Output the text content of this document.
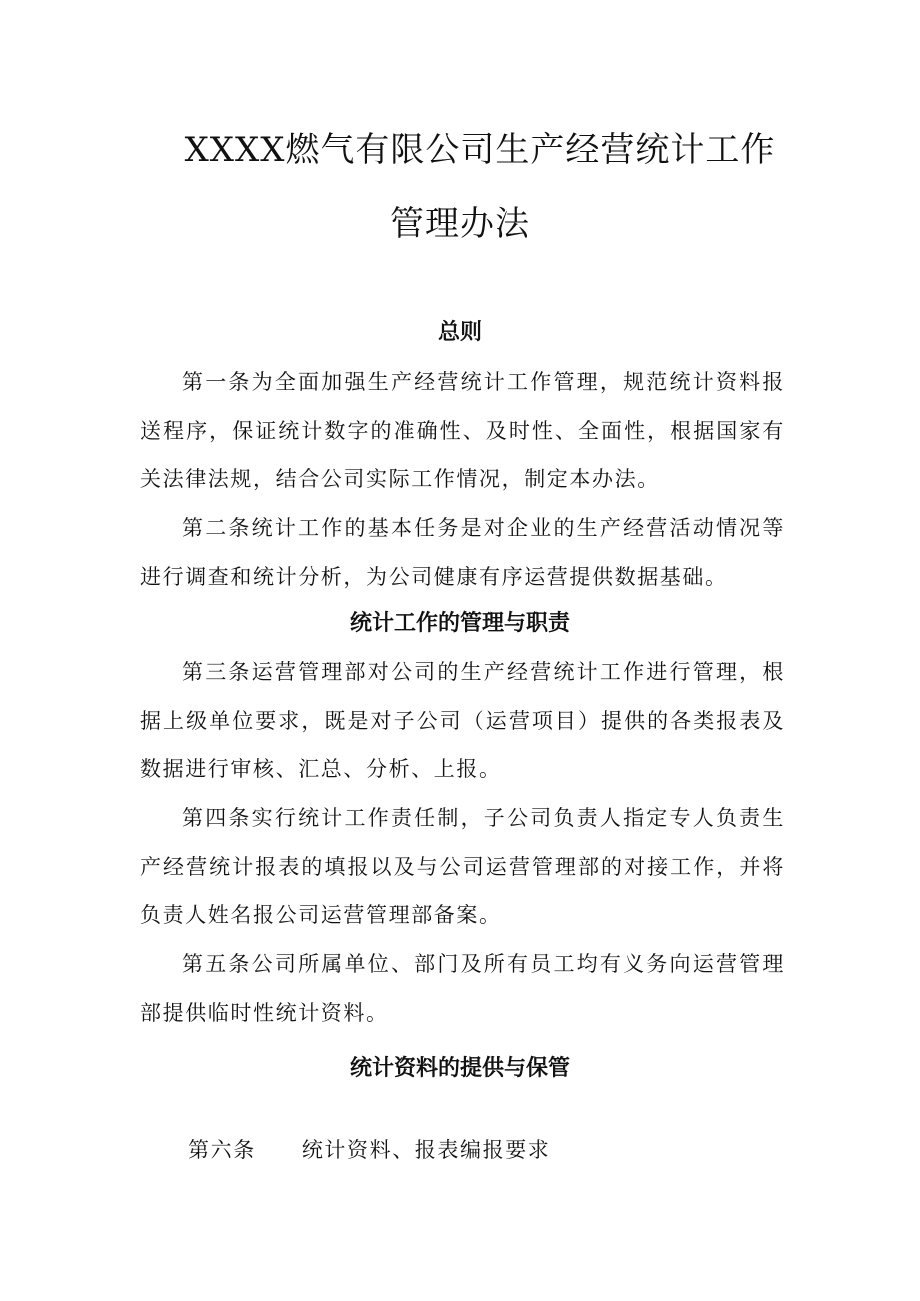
XXXX燃气有限公司生产经营统计工作
管理办法
总则

第一条为全面加强生产经营统计工作管理，规范统计资料报送程序，保证统计数字的准确性、及时性、全面性，根据国家有关法律法规，结合公司实际工作情况，制定本办法。

第二条统计工作的基本任务是对企业的生产经营活动情况等进行调查和统计分析，为公司健康有序运营提供数据基础。

统计工作的管理与职责

第三条运营管理部对公司的生产经营统计工作进行管理，根据上级单位要求，既是对子公司（运营项目）提供的各类报表及数据进行审核、汇总、分析、上报。

第四条实行统计工作责任制，子公司负责人指定专人负责生产经营统计报表的填报以及与公司运营管理部的对接工作，并将负责人姓名报公司运营管理部备案。

第五条公司所属单位、部门及所有员工均有义务向运营管理部提供临时性统计资料。

统计资料的提供与保管

第六条 统计资料、报表编报要求
